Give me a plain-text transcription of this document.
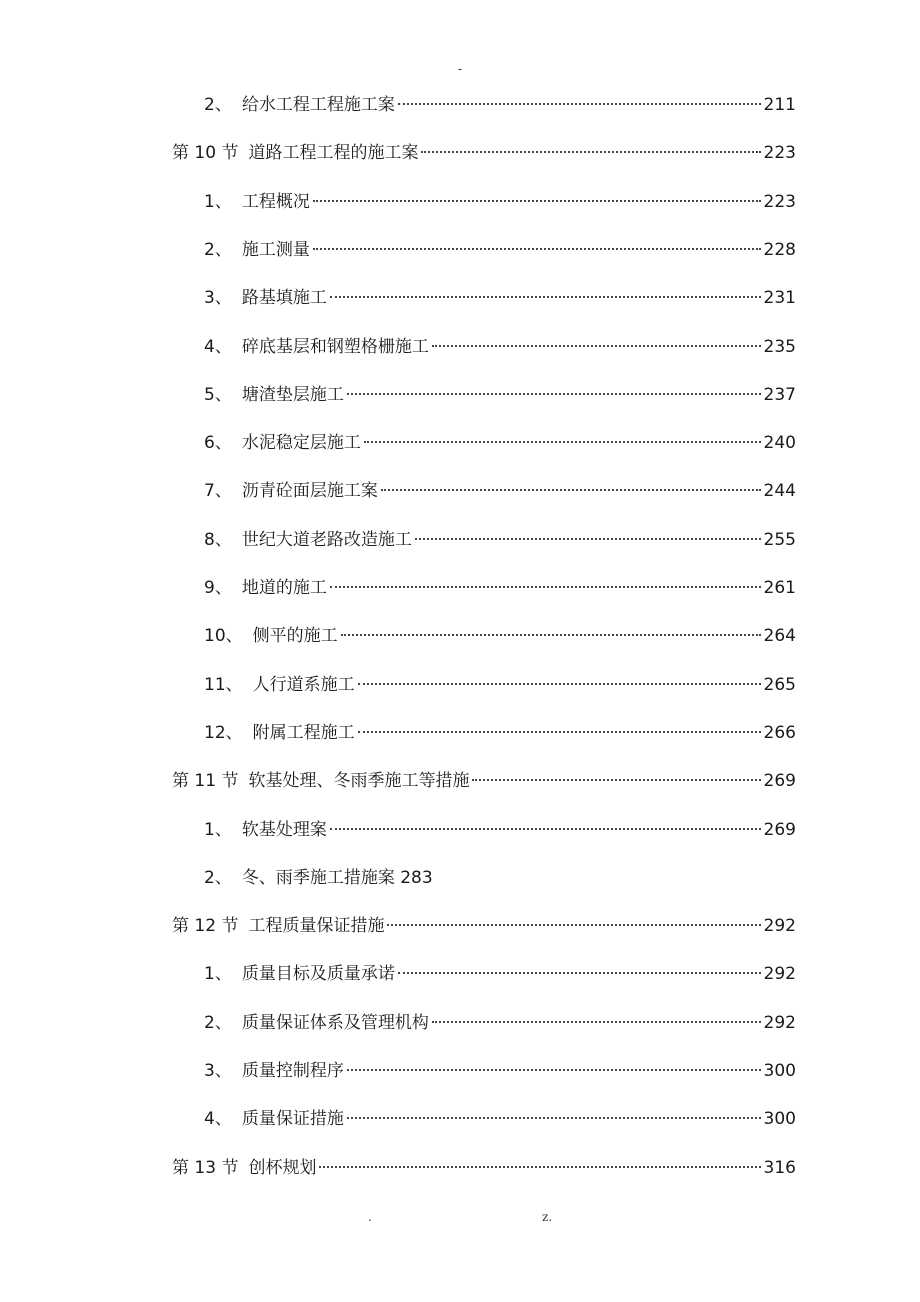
-
2、 给水工程工程施工案	211
第 10 节 道路工程工程的施工案	223
1、 工程概况	223
2、 施工测量	228
3、 路基填施工	231
4、 碎底基层和钢塑格栅施工	235
5、 塘渣垫层施工	237
6、 水泥稳定层施工	240
7、 沥青砼面层施工案	244
8、 世纪大道老路改造施工	255
9、 地道的施工	261
10、 侧平的施工	264
11、 人行道系施工	265
12、 附属工程施工	266
第 11 节 软基处理、冬雨季施工等措施	269
1、 软基处理案	269
2、 冬、雨季施工措施案 283
第 12 节 工程质量保证措施	292
1、 质量目标及质量承诺	292
2、 质量保证体系及管理机构	292
3、 质量控制程序	300
4、 质量保证措施	300
第 13 节 创杯规划	316
.	z.
